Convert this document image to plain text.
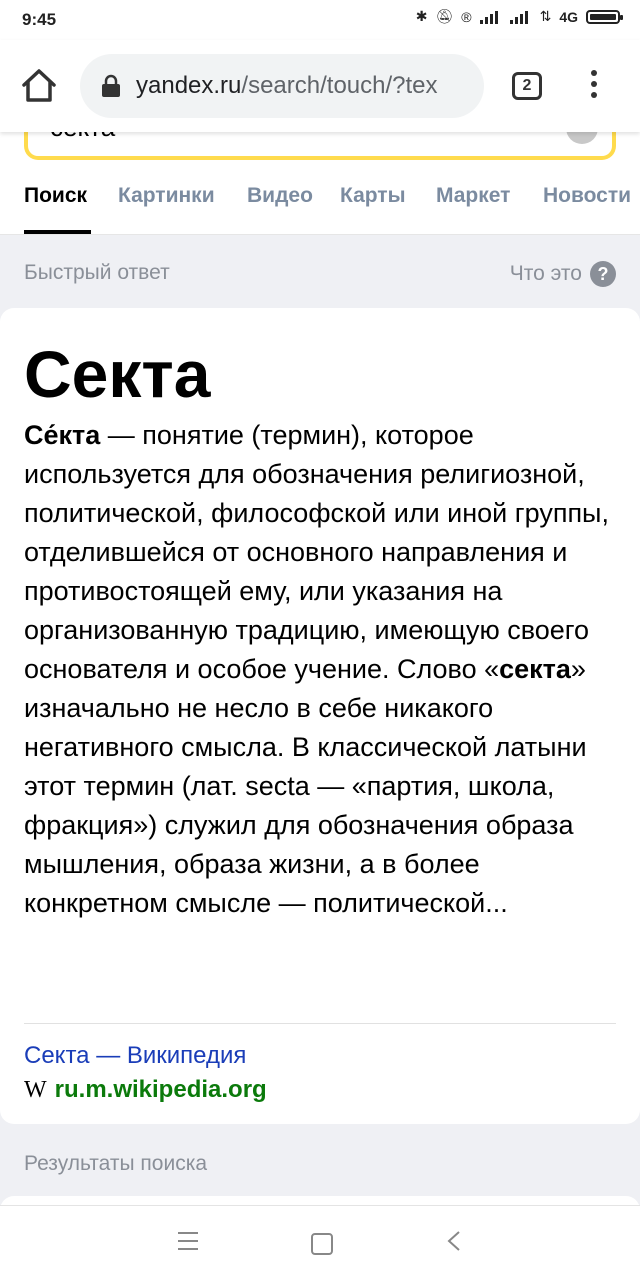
9:45	✱ 🔕︎ ®	⇅ 4G
yandex.ru/search/touch/?tex	2
Поиск Картинки Видео Карты Маркет Новости
Быстрый ответ	Что это ?
Результаты поиска
Секта
Се́кта — понятие (термин), которое используется для обозначения религиозной, политической, философской или иной группы, отделившейся от основного направления и противостоящей ему, или указания на организованную традицию, имеющую своего основателя и особое учение. Слово «секта» изначально не несло в себе никакого негативного смысла. В классической латыни этот термин (лат. secta — «партия, школа, фракция») служил для обозначения образа мышления, образа жизни, а в более конкретном смысле — политической...
Секта — Википедия
W ru.m.wikipedia.org
